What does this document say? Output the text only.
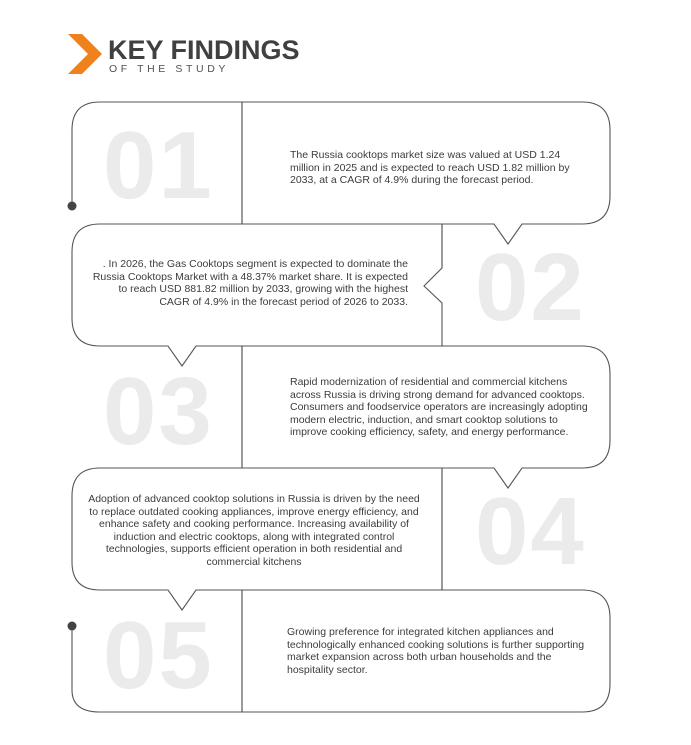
KEY FINDINGS
OF THE STUDY
01	The Russia cooktops market size was valued at USD 1.24 million in 2025 and is expected to reach USD 1.82 million by 2033, at a CAGR of 4.9% during the forecast period.
02
. In 2026, the Gas Cooktops segment is expected to dominate the Russia Cooktops Market with a 48.37% market share. It is expected to reach USD 881.82 million by 2033, growing with the highest CAGR of 4.9% in the forecast period of 2026 to 2033.
03	Rapid modernization of residential and commercial kitchens across Russia is driving strong demand for advanced cooktops. Consumers and foodservice operators are increasingly adopting modern electric, induction, and smart cooktop solutions to improve cooking efficiency, safety, and energy performance.
04
Adoption of advanced cooktop solutions in Russia is driven by the need to replace outdated cooking appliances, improve energy efficiency, and enhance safety and cooking performance. Increasing availability of induction and electric cooktops, along with integrated control technologies, supports efficient operation in both residential and commercial kitchens
05	Growing preference for integrated kitchen appliances and technologically enhanced cooking solutions is further supporting market expansion across both urban households and the hospitality sector.
